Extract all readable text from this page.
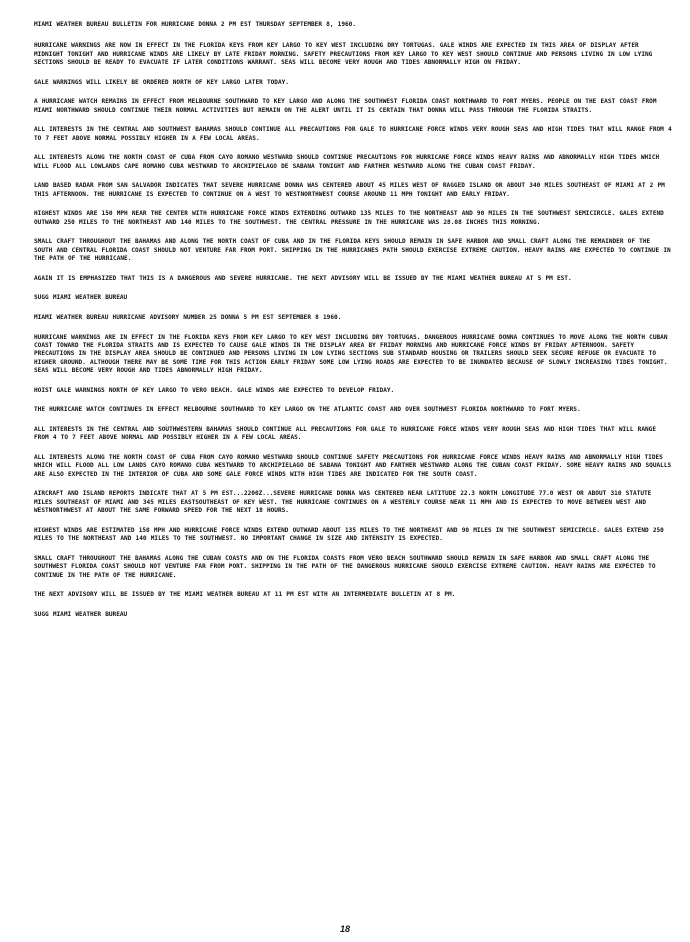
MIAMI WEATHER BUREAU BULLETIN FOR HURRICANE DONNA 2 PM EST THURSDAY SEPTEMBER 8, 1960.

HURRICANE WARNINGS ARE NOW IN EFFECT IN THE FLORIDA KEYS FROM KEY LARGO TO KEY WEST INCLUDING DRY TORTUGAS. GALE WINDS ARE EXPECTED IN THIS AREA OF DISPLAY AFTER MIDNIGHT TONIGHT AND HURRICANE WINDS ARE LIKELY BY LATE FRIDAY MORNING. SAFETY PRECAUTIONS FROM KEY LARGO TO KEY WEST SHOULD CONTINUE AND PERSONS LIVING IN LOW LYING SECTIONS SHOULD BE READY TO EVACUATE IF LATER CONDITIONS WARRANT. SEAS WILL BECOME VERY ROUGH AND TIDES ABNORMALLY HIGH ON FRIDAY.

GALE WARNINGS WILL LIKELY BE ORDERED NORTH OF KEY LARGO LATER TODAY.

A HURRICANE WATCH REMAINS IN EFFECT FROM MELBOURNE SOUTHWARD TO KEY LARGO AND ALONG THE SOUTHWEST FLORIDA COAST NORTHWARD TO FORT MYERS. PEOPLE ON THE EAST COAST FROM MIAMI NORTHWARD SHOULD CONTINUE THEIR NORMAL ACTIVITIES BUT REMAIN ON THE ALERT UNTIL IT IS CERTAIN THAT DONNA WILL PASS THROUGH THE FLORIDA STRAITS.

ALL INTERESTS IN THE CENTRAL AND SOUTHWEST BAHAMAS SHOULD CONTINUE ALL PRECAUTIONS FOR GALE TO HURRICANE FORCE WINDS VERY ROUGH SEAS AND HIGH TIDES THAT WILL RANGE FROM 4 TO 7 FEET ABOVE NORMAL POSSIBLY HIGHER IN A FEW LOCAL AREAS.

ALL INTERESTS ALONG THE NORTH COAST OF CUBA FROM CAYO ROMANO WESTWARD SHOULD CONTINUE PRECAUTIONS FOR HURRICANE FORCE WINDS HEAVY RAINS AND ABNORMALLY HIGH TIDES WHICH WILL FLOOD ALL LOWLANDS CAPE ROMANO CUBA WESTWARD TO ARCHIPIELAGO DE SABANA TONIGHT AND FARTHER WESTWARD ALONG THE CUBAN COAST FRIDAY.

LAND BASED RADAR FROM SAN SALVADOR INDICATES THAT SEVERE HURRICANE DONNA WAS CENTERED ABOUT 45 MILES WEST OF RAGGED ISLAND OR ABOUT 340 MILES SOUTHEAST OF MIAMI AT 2 PM THIS AFTERNOON. THE HURRICANE IS EXPECTED TO CONTINUE ON A WEST TO WESTNORTHWEST COURSE AROUND 11 MPH TONIGHT AND EARLY FRIDAY.

HIGHEST WINDS ARE 150 MPH NEAR THE CENTER WITH HURRICANE FORCE WINDS EXTENDING OUTWARD 135 MILES TO THE NORTHEAST AND 90 MILES IN THE SOUTHWEST SEMICIRCLE. GALES EXTEND OUTWARD 250 MILES TO THE NORTHEAST AND 140 MILES TO THE SOUTHWEST. THE CENTRAL PRESSURE IN THE HURRICANE WAS 28.08 INCHES THIS MORNING.

SMALL CRAFT THROUGHOUT THE BAHAMAS AND ALONG THE NORTH COAST OF CUBA AND IN THE FLORIDA KEYS SHOULD REMAIN IN SAFE HARBOR AND SMALL CRAFT ALONG THE REMAINDER OF THE SOUTH AND CENTRAL FLORIDA COAST SHOULD NOT VENTURE FAR FROM PORT. SHIPPING IN THE HURRICANES PATH SHOULD EXERCISE EXTREME CAUTION. HEAVY RAINS ARE EXPECTED TO CONTINUE IN THE PATH OF THE HURRICANE.

AGAIN IT IS EMPHASIZED THAT THIS IS A DANGEROUS AND SEVERE HURRICANE. THE NEXT ADVISORY WILL BE ISSUED BY THE MIAMI WEATHER BUREAU AT 5 PM EST.

SUGG MIAMI WEATHER BUREAU

MIAMI WEATHER BUREAU HURRICANE ADVISORY NUMBER 25 DONNA 5 PM EST SEPTEMBER 8 1960.

HURRICANE WARNINGS ARE IN EFFECT IN THE FLORIDA KEYS FROM KEY LARGO TO KEY WEST INCLUDING DRY TORTUGAS. DANGEROUS HURRICANE DONNA CONTINUES TO MOVE ALONG THE NORTH CUBAN COAST TOWARD THE FLORIDA STRAITS AND IS EXPECTED TO CAUSE GALE WINDS IN THE DISPLAY AREA BY FRIDAY MORNING AND HURRICANE FORCE WINDS BY FRIDAY AFTERNOON. SAFETY PRECAUTIONS IN THE DISPLAY AREA SHOULD BE CONTINUED AND PERSONS LIVING IN LOW LYING SECTIONS SUB STANDARD HOUSING OR TRAILERS SHOULD SEEK SECURE REFUGE OR EVACUATE TO HIGHER GROUND. ALTHOUGH THERE MAY BE SOME TIME FOR THIS ACTION EARLY FRIDAY SOME LOW LYING ROADS ARE EXPECTED TO BE INUNDATED BECAUSE OF SLOWLY INCREASING TIDES TONIGHT. SEAS WILL BECOME VERY ROUGH AND TIDES ABNORMALLY HIGH FRIDAY.

HOIST GALE WARNINGS NORTH OF KEY LARGO TO VERO BEACH. GALE WINDS ARE EXPECTED TO DEVELOP FRIDAY.

THE HURRICANE WATCH CONTINUES IN EFFECT MELBOURNE SOUTHWARD TO KEY LARGO ON THE ATLANTIC COAST AND OVER SOUTHWEST FLORIDA NORTHWARD TO FORT MYERS.

ALL INTERESTS IN THE CENTRAL AND SOUTHWESTERN BAHAMAS SHOULD CONTINUE ALL PRECAUTIONS FOR GALE TO HURRICANE FORCE WINDS VERY ROUGH SEAS AND HIGH TIDES THAT WILL RANGE FROM 4 TO 7 FEET ABOVE NORMAL AND POSSIBLY HIGHER IN A FEW LOCAL AREAS.

ALL INTERESTS ALONG THE NORTH COAST OF CUBA FROM CAYO ROMANO WESTWARD SHOULD CONTINUE SAFETY PRECAUTIONS FOR HURRICANE FORCE WINDS HEAVY RAINS AND ABNORMALLY HIGH TIDES WHICH WILL FLOOD ALL LOW LANDS CAYO ROMANO CUBA WESTWARD TO ARCHIPIELAGO DE SABANA TONIGHT AND FARTHER WESTWARD ALONG THE CUBAN COAST FRIDAY. SOME HEAVY RAINS AND SQUALLS ARE ALSO EXPECTED IN THE INTERIOR OF CUBA AND SOME GALE FORCE WINDS WITH HIGH TIDES ARE INDICATED FOR THE SOUTH COAST.

AIRCRAFT AND ISLAND REPORTS INDICATE THAT AT 5 PM EST...2200Z...SEVERE HURRICANE DONNA WAS CENTERED NEAR LATITUDE 22.3 NORTH LONGITUDE 77.0 WEST OR ABOUT 310 STATUTE MILES SOUTHEAST OF MIAMI AND 345 MILES EASTSOUTHEAST OF KEY WEST. THE HURRICANE CONTINUES ON A WESTERLY COURSE NEAR 11 MPH AND IS EXPECTED TO MOVE BETWEEN WEST AND WESTNORTHWEST AT ABOUT THE SAME FORWARD SPEED FOR THE NEXT 18 HOURS.

HIGHEST WINDS ARE ESTIMATED 150 MPH AND HURRICANE FORCE WINDS EXTEND OUTWARD ABOUT 135 MILES TO THE NORTHEAST AND 90 MILES IN THE SOUTHWEST SEMICIRCLE. GALES EXTEND 250 MILES TO THE NORTHEAST AND 140 MILES TO THE SOUTHWEST. NO IMPORTANT CHANGE IN SIZE AND INTENSITY IS EXPECTED.

SMALL CRAFT THROUGHOUT THE BAHAMAS ALONG THE CUBAN COASTS AND ON THE FLORIDA COASTS FROM VERO BEACH SOUTHWARD SHOULD REMAIN IN SAFE HARBOR AND SMALL CRAFT ALONG THE SOUTHWEST FLORIDA COAST SHOULD NOT VENTURE FAR FROM PORT. SHIPPING IN THE PATH OF THE DANGEROUS HURRICANE SHOULD EXERCISE EXTREME CAUTION. HEAVY RAINS ARE EXPECTED TO CONTINUE IN THE PATH OF THE HURRICANE.

THE NEXT ADVISORY WILL BE ISSUED BY THE MIAMI WEATHER BUREAU AT 11 PM EST WITH AN INTERMEDIATE BULLETIN AT 8 PM.

SUGG MIAMI WEATHER BUREAU

18
